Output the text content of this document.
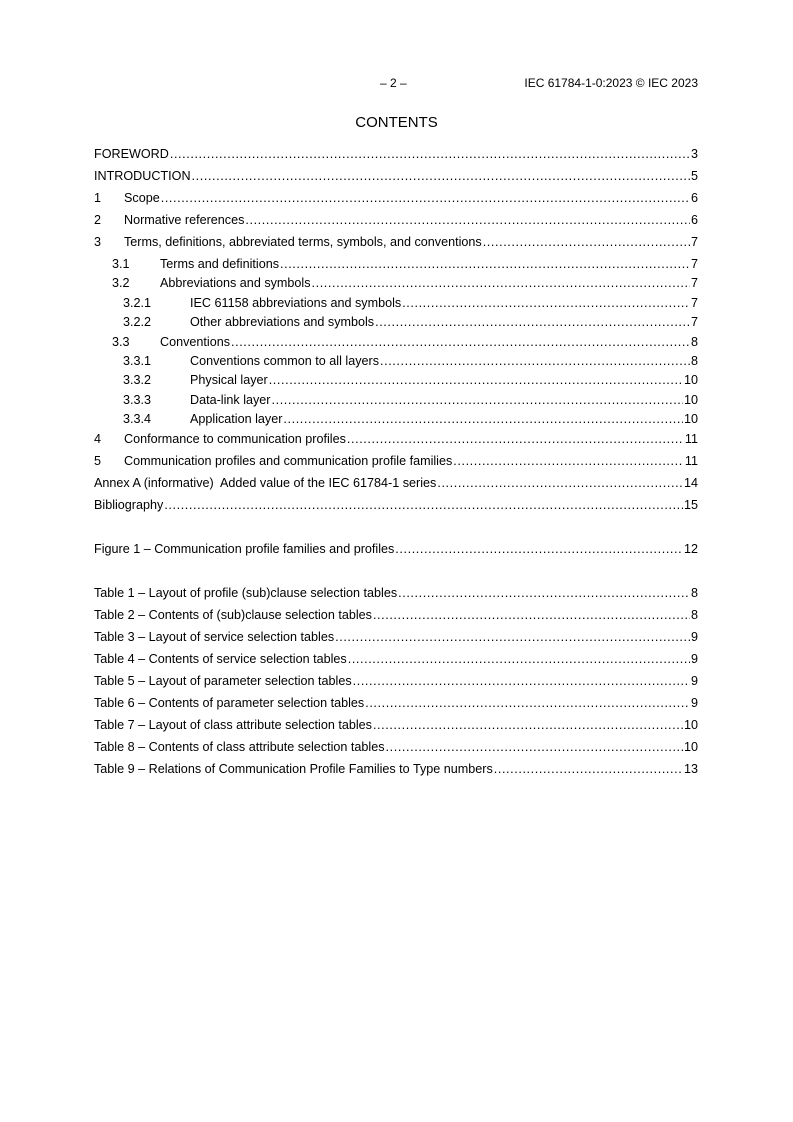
– 2 –	IEC 61784-1-0:2023 © IEC 2023
CONTENTS
FOREWORD .....	3
INTRODUCTION .....	5
1	Scope .....	6
2	Normative references .....	6
3	Terms, definitions, abbreviated terms, symbols, and conventions .....	7
3.1	Terms and definitions .....	7
3.2	Abbreviations and symbols .....	7
3.2.1	IEC 61158 abbreviations and symbols .....	7
3.2.2	Other abbreviations and symbols .....	7
3.3	Conventions .....	8
3.3.1	Conventions common to all layers .....	8
3.3.2	Physical layer .....	10
3.3.3	Data-link layer .....	10
3.3.4	Application layer .....	10
4	Conformance to communication profiles .....	11
5	Communication profiles and communication profile families .....	11
Annex A (informative)  Added value of the IEC 61784-1 series .....	14
Bibliography .....	15
Figure 1 – Communication profile families and profiles .....	12
Table 1 – Layout of profile (sub)clause selection tables .....	8
Table 2 – Contents of (sub)clause selection tables .....	8
Table 3 – Layout of service selection tables .....	9
Table 4 – Contents of service selection tables .....	9
Table 5 – Layout of parameter selection tables .....	9
Table 6 – Contents of parameter selection tables .....	9
Table 7 – Layout of class attribute selection tables .....	10
Table 8 – Contents of class attribute selection tables .....	10
Table 9 – Relations of Communication Profile Families to Type numbers .....	13
